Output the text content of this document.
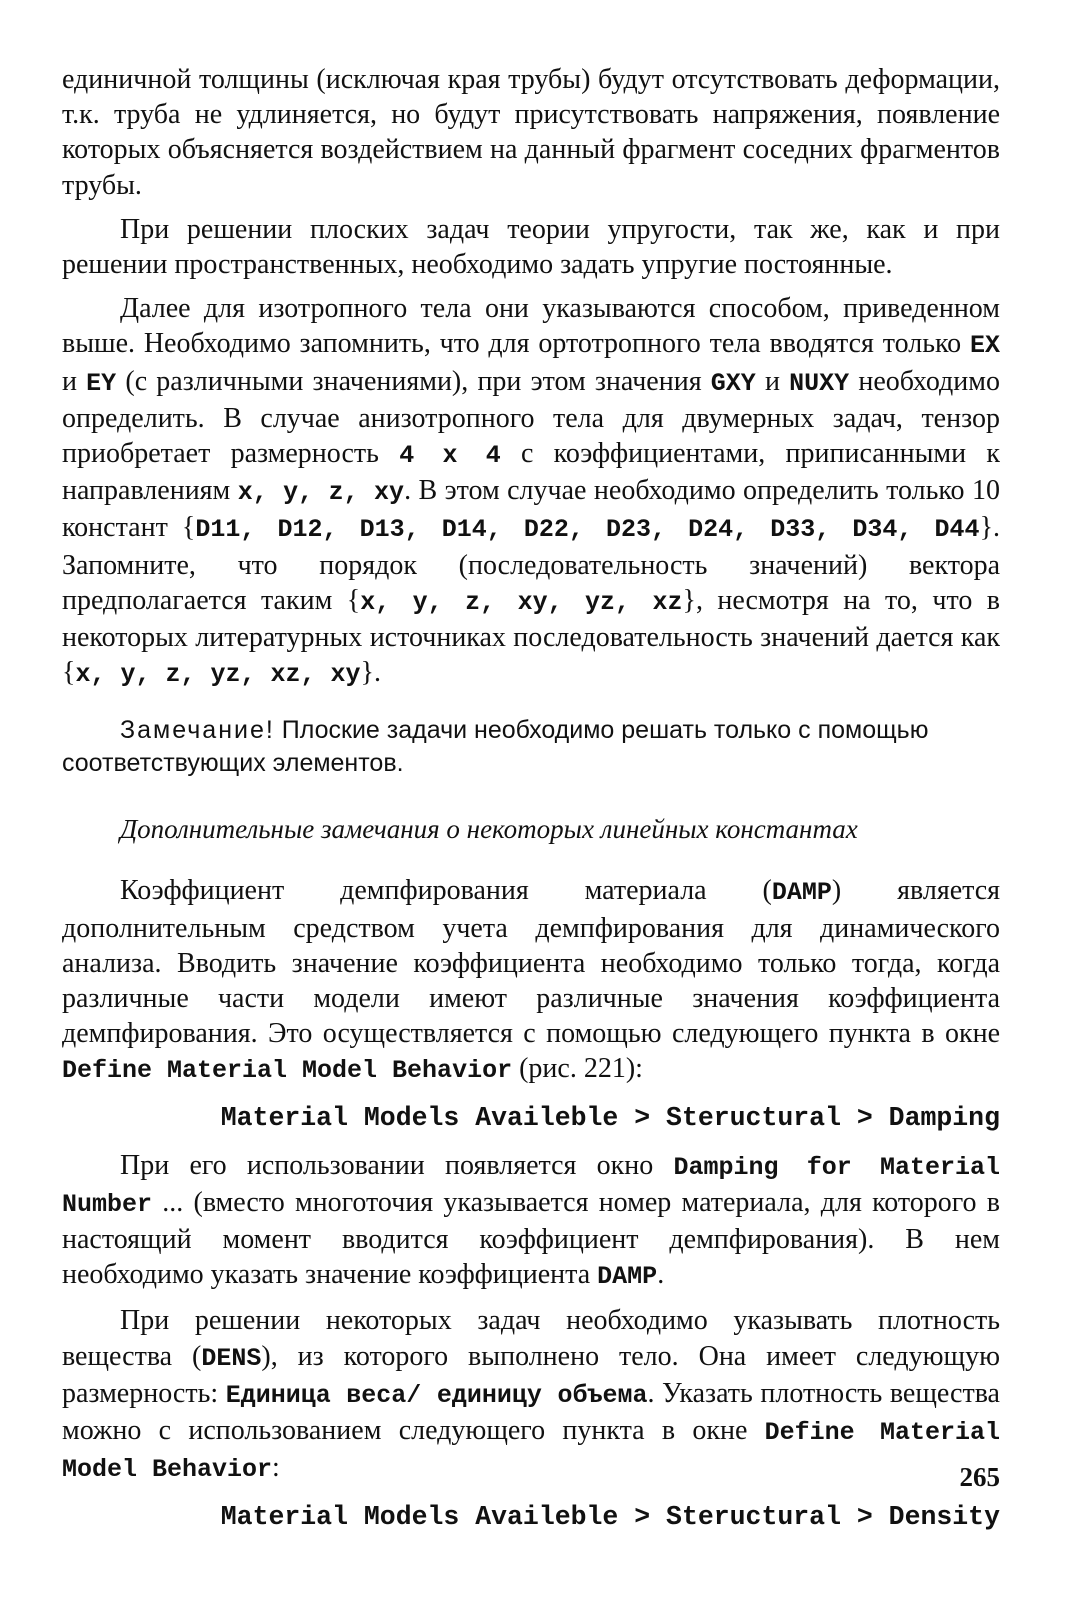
единичной толщины (исключая края трубы) будут отсутствовать деформации, т.к. труба не удлиняется, но будут присутствовать напряжения, появление которых объясняется воздействием на данный фрагмент соседних фрагментов трубы.

При решении плоских задач теории упругости, так же, как и при решении пространственных, необходимо задать упругие постоянные.

Далее для изотропного тела они указываются способом, приведенном выше. Необходимо запомнить, что для ортотропного тела вводятся только EX и EY (с различными значениями), при этом значения GXY и NUXY необходимо определить. В случае анизотропного тела для двумерных задач, тензор приобретает размерность 4 x 4 с коэффициентами, приписанными к направлениям x, y, z, xy. В этом случае необходимо определить только 10 констант {D11, D12, D13, D14, D22, D23, D24, D33, D34, D44}. Запомните, что порядок (последовательность значений) вектора предполагается таким {x, y, z, xy, yz, xz}, несмотря на то, что в некоторых литературных источниках последовательность значений дается как {x, y, z, yz, xz, xy}.

Замечание! Плоские задачи необходимо решать только с помощью соответствующих элементов.

Дополнительные замечания о некоторых линейных константах

Коэффициент демпфирования материала (DAMP) является дополнительным средством учета демпфирования для динамического анализа. Вводить значение коэффициента необходимо только тогда, когда различные части модели имеют различные значения коэффициента демпфирования. Это осуществляется с помощью следующего пункта в окне Define Material Model Behavior (рис. 221):

Material Models Availeble > Steructural > Damping

При его использовании появляется окно Damping for Material Number ... (вместо многоточия указывается номер материала, для которого в настоящий момент вводится коэффициент демпфирования). В нем необходимо указать значение коэффициента DAMP.

При решении некоторых задач необходимо указывать плотность вещества (DENS), из которого выполнено тело. Она имеет следующую размерность: Единица веса/ единицу объема. Указать плотность вещества можно с использованием следующего пункта в окне Define Material Model Behavior:

Material Models Availeble > Steructural > Density

265
